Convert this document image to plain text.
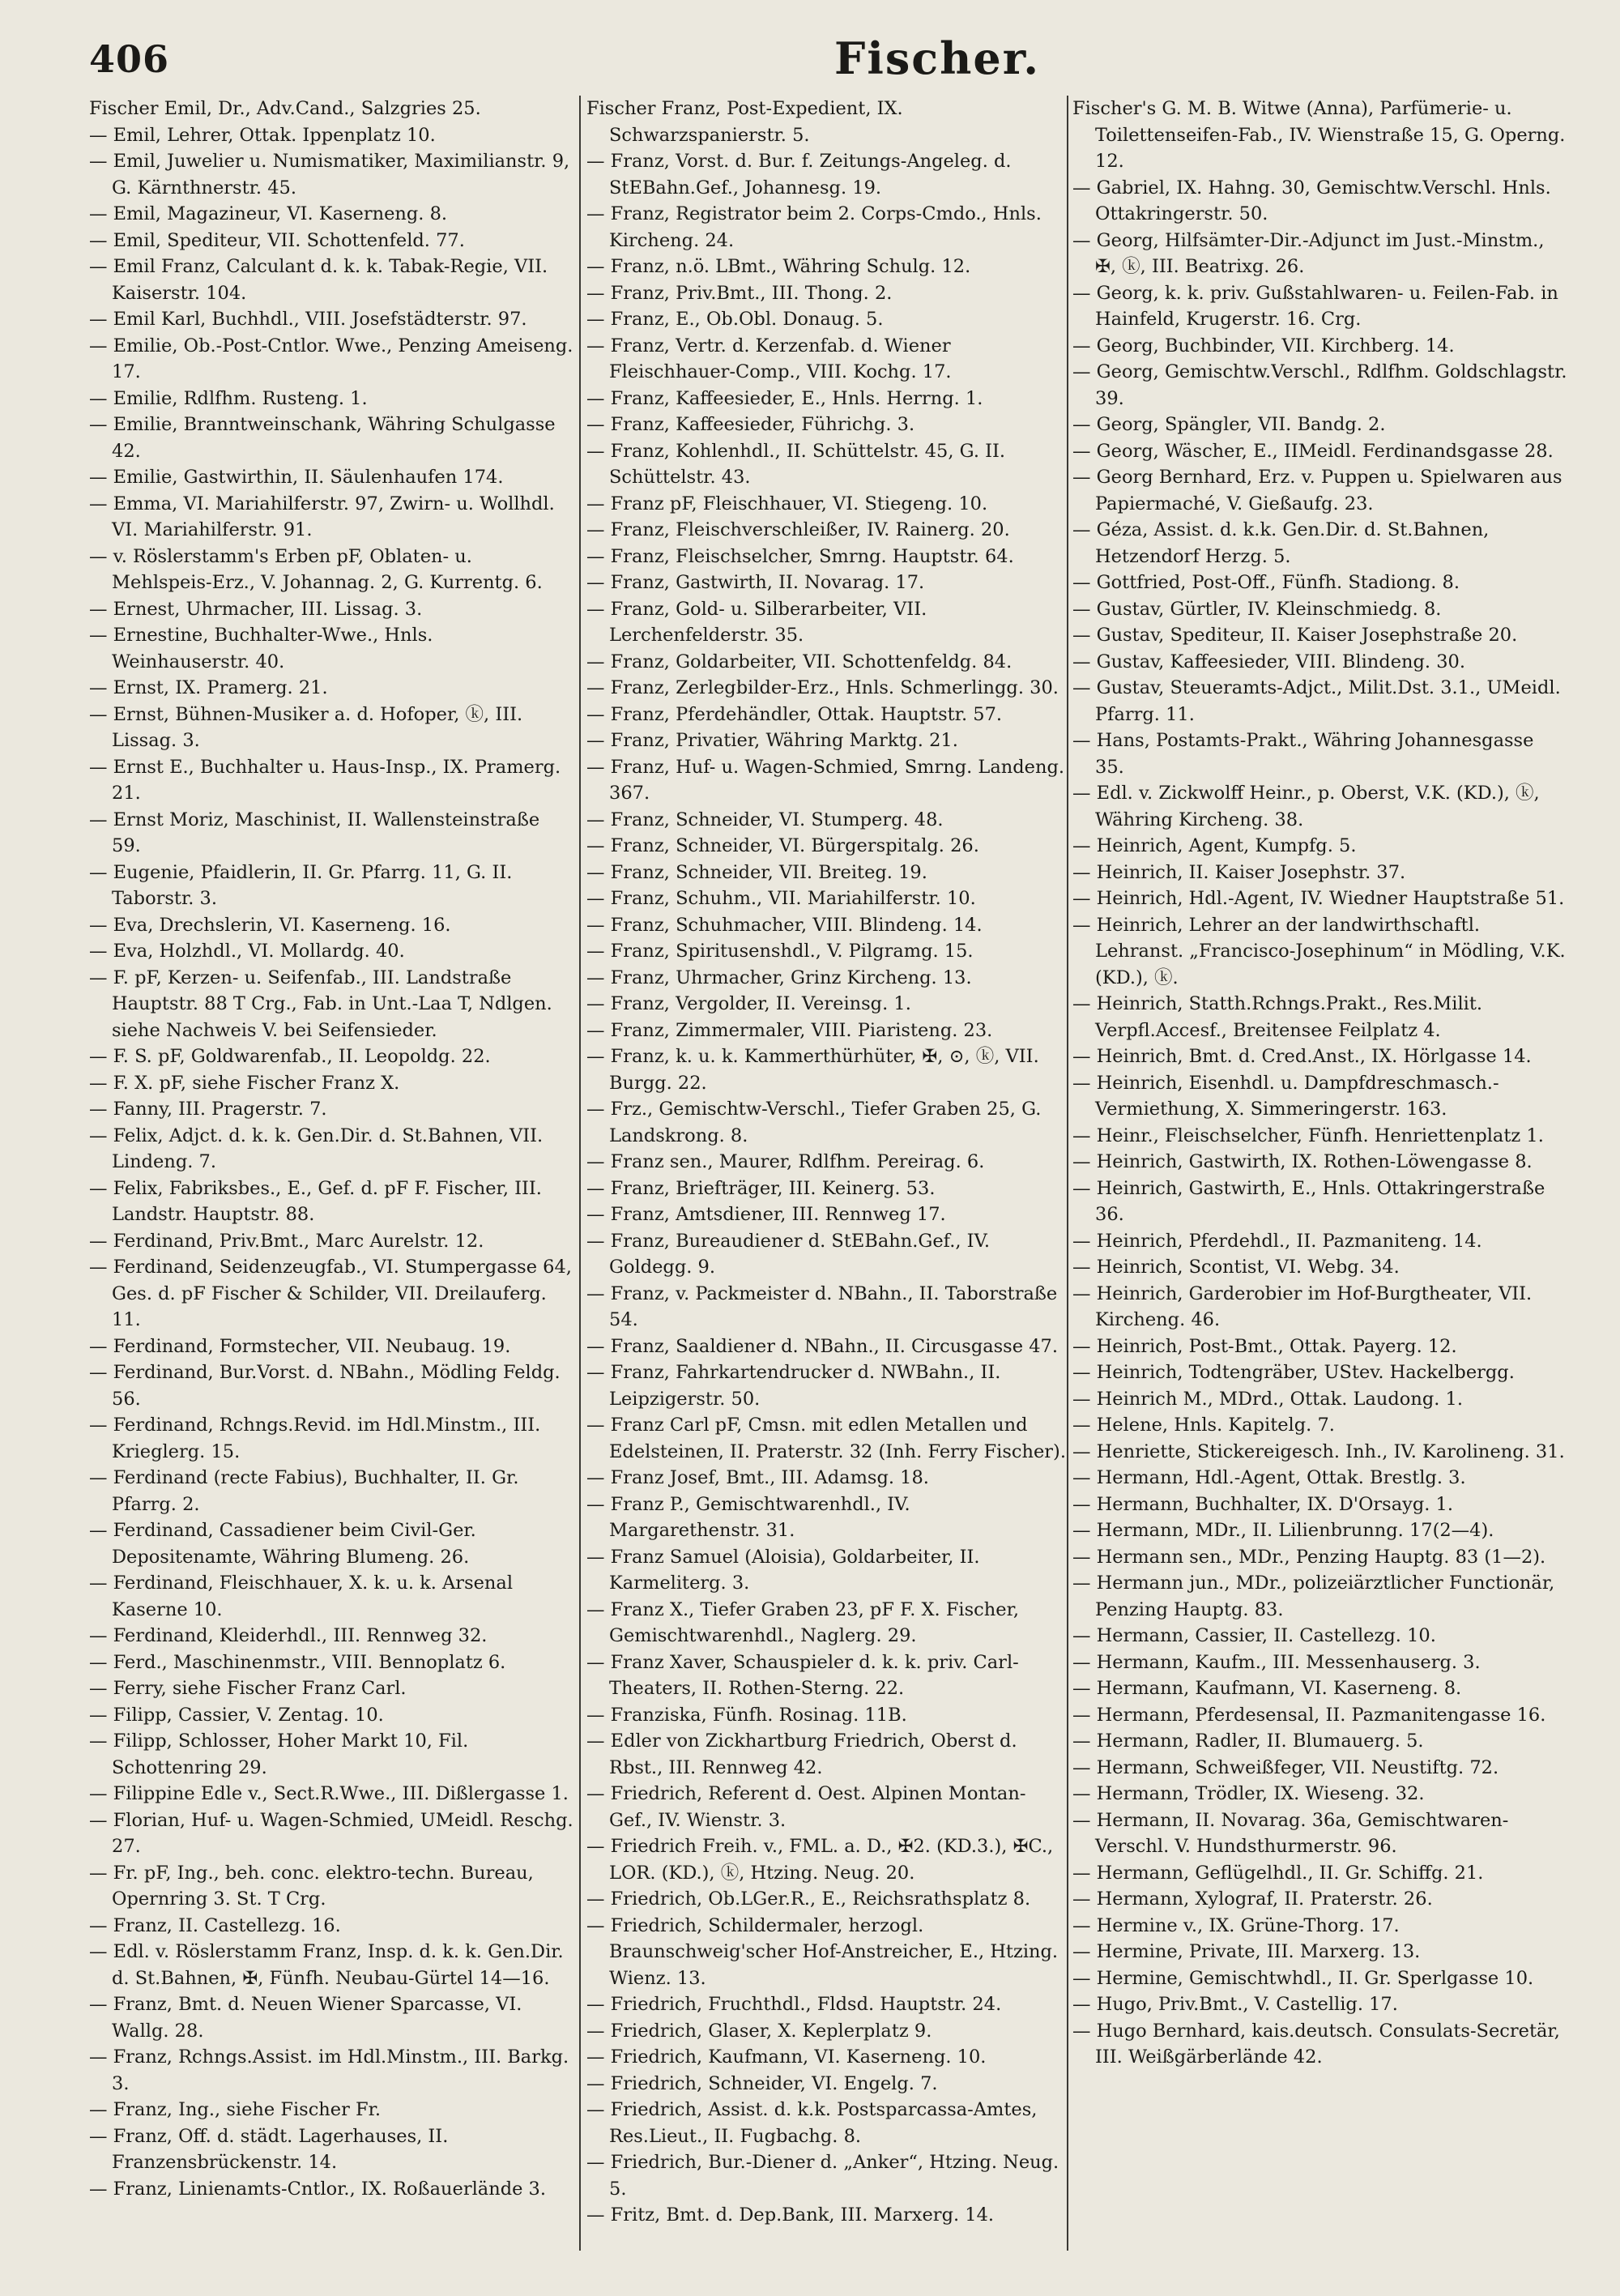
406	Fischer.

Fischer Emil, Dr., Adv.Cand., Salzgries 25.

— Emil, Lehrer, Ottak. Ippenplatz 10.

— Emil, Juwelier u. Numismatiker, Maximilianstr. 9, G. Kärnthnerstr. 45.

— Emil, Magazineur, VI. Kaserneng. 8.

— Emil, Spediteur, VII. Schottenfeld. 77.

— Emil Franz, Calculant d. k. k. Tabak-Regie, VII. Kaiserstr. 104.

— Emil Karl, Buchhdl., VIII. Josefstädterstr. 97.

— Emilie, Ob.-Post-Cntlor. Wwe., Penzing Ameiseng. 17.

— Emilie, Rdlfhm. Rusteng. 1.

— Emilie, Branntweinschank, Währing Schulgasse 42.

— Emilie, Gastwirthin, II. Säulenhaufen 174.

— Emma, VI. Mariahilferstr. 97, Zwirn- u. Wollhdl. VI. Mariahilferstr. 91.

— v. Röslerstamm's Erben pF, Oblaten- u. Mehlspeis-Erz., V. Johannag. 2, G. Kurrentg. 6.

— Ernest, Uhrmacher, III. Lissag. 3.

— Ernestine, Buchhalter-Wwe., Hnls. Weinhauserstr. 40.

— Ernst, IX. Pramerg. 21.

— Ernst, Bühnen-Musiker a. d. Hofoper, ⓚ, III. Lissag. 3.

— Ernst E., Buchhalter u. Haus-Insp., IX. Pramerg. 21.

— Ernst Moriz, Maschinist, II. Wallensteinstraße 59.

— Eugenie, Pfaidlerin, II. Gr. Pfarrg. 11, G. II. Taborstr. 3.

— Eva, Drechslerin, VI. Kaserneng. 16.

— Eva, Holzhdl., VI. Mollardg. 40.

— F. pF, Kerzen- u. Seifenfab., III. Landstraße Hauptstr. 88 T Crg., Fab. in Unt.-Laa T, Ndlgen. siehe Nachweis V. bei Seifensieder.

— F. S. pF, Goldwarenfab., II. Leopoldg. 22.

— F. X. pF, siehe Fischer Franz X.

— Fanny, III. Pragerstr. 7.

— Felix, Adjct. d. k. k. Gen.Dir. d. St.Bahnen, VII. Lindeng. 7.

— Felix, Fabriksbes., E., Gef. d. pF F. Fischer, III. Landstr. Hauptstr. 88.

— Ferdinand, Priv.Bmt., Marc Aurelstr. 12.

— Ferdinand, Seidenzeugfab., VI. Stumpergasse 64, Ges. d. pF Fischer & Schilder, VII. Dreilauferg. 11.

— Ferdinand, Formstecher, VII. Neubaug. 19.

— Ferdinand, Bur.Vorst. d. NBahn., Mödling Feldg. 56.

— Ferdinand, Rchngs.Revid. im Hdl.Minstm., III. Krieglerg. 15.

— Ferdinand (recte Fabius), Buchhalter, II. Gr. Pfarrg. 2.

— Ferdinand, Cassadiener beim Civil-Ger. Depositenamte, Währing Blumeng. 26.

— Ferdinand, Fleischhauer, X. k. u. k. Arsenal Kaserne 10.

— Ferdinand, Kleiderhdl., III. Rennweg 32.

— Ferd., Maschinenmstr., VIII. Bennoplatz 6.

— Ferry, siehe Fischer Franz Carl.

— Filipp, Cassier, V. Zentag. 10.

— Filipp, Schlosser, Hoher Markt 10, Fil. Schottenring 29.

— Filippine Edle v., Sect.R.Wwe., III. Dißlergasse 1.

— Florian, Huf- u. Wagen-Schmied, UMeidl. Reschg. 27.

— Fr. pF, Ing., beh. conc. elektro-techn. Bureau, Opernring 3. St. T Crg.

— Franz, II. Castellezg. 16.

— Edl. v. Röslerstamm Franz, Insp. d. k. k. Gen.Dir. d. St.Bahnen, ✠, Fünfh. Neubau-Gürtel 14—16.

— Franz, Bmt. d. Neuen Wiener Sparcasse, VI. Wallg. 28.

— Franz, Rchngs.Assist. im Hdl.Minstm., III. Barkg. 3.

— Franz, Ing., siehe Fischer Fr.

— Franz, Off. d. städt. Lagerhauses, II. Franzensbrückenstr. 14.

— Franz, Linienamts-Cntlor., IX. Roßauerlände 3.

Fischer Franz, Post-Expedient, IX. Schwarzspanierstr. 5.

— Franz, Vorst. d. Bur. f. Zeitungs-Angeleg. d. StEBahn.Gef., Johannesg. 19.

— Franz, Registrator beim 2. Corps-Cmdo., Hnls. Kircheng. 24.

— Franz, n.ö. LBmt., Währing Schulg. 12.

— Franz, Priv.Bmt., III. Thong. 2.

— Franz, E., Ob.Obl. Donaug. 5.

— Franz, Vertr. d. Kerzenfab. d. Wiener Fleischhauer-Comp., VIII. Kochg. 17.

— Franz, Kaffeesieder, E., Hnls. Herrng. 1.

— Franz, Kaffeesieder, Führichg. 3.

— Franz, Kohlenhdl., II. Schüttelstr. 45, G. II. Schüttelstr. 43.

— Franz pF, Fleischhauer, VI. Stiegeng. 10.

— Franz, Fleischverschleißer, IV. Rainerg. 20.

— Franz, Fleischselcher, Smrng. Hauptstr. 64.

— Franz, Gastwirth, II. Novarag. 17.

— Franz, Gold- u. Silberarbeiter, VII. Lerchenfelderstr. 35.

— Franz, Goldarbeiter, VII. Schottenfeldg. 84.

— Franz, Zerlegbilder-Erz., Hnls. Schmerlingg. 30.

— Franz, Pferdehändler, Ottak. Hauptstr. 57.

— Franz, Privatier, Währing Marktg. 21.

— Franz, Huf- u. Wagen-Schmied, Smrng. Landeng. 367.

— Franz, Schneider, VI. Stumperg. 48.

— Franz, Schneider, VI. Bürgerspitalg. 26.

— Franz, Schneider, VII. Breiteg. 19.

— Franz, Schuhm., VII. Mariahilferstr. 10.

— Franz, Schuhmacher, VIII. Blindeng. 14.

— Franz, Spiritusenshdl., V. Pilgramg. 15.

— Franz, Uhrmacher, Grinz Kircheng. 13.

— Franz, Vergolder, II. Vereinsg. 1.

— Franz, Zimmermaler, VIII. Piaristeng. 23.

— Franz, k. u. k. Kammerthürhüter, ✠, ⊙, ⓚ, VII. Burgg. 22.

— Frz., Gemischtw-Verschl., Tiefer Graben 25, G. Landskrong. 8.

— Franz sen., Maurer, Rdlfhm. Pereirag. 6.

— Franz, Briefträger, III. Keinerg. 53.

— Franz, Amtsdiener, III. Rennweg 17.

— Franz, Bureaudiener d. StEBahn.Gef., IV. Goldegg. 9.

— Franz, v. Packmeister d. NBahn., II. Taborstraße 54.

— Franz, Saaldiener d. NBahn., II. Circusgasse 47.

— Franz, Fahrkartendrucker d. NWBahn., II. Leipzigerstr. 50.

— Franz Carl pF, Cmsn. mit edlen Metallen und Edelsteinen, II. Praterstr. 32 (Inh. Ferry Fischer).

— Franz Josef, Bmt., III. Adamsg. 18.

— Franz P., Gemischtwarenhdl., IV. Margarethenstr. 31.

— Franz Samuel (Aloisia), Goldarbeiter, II. Karmeliterg. 3.

— Franz X., Tiefer Graben 23, pF F. X. Fischer, Gemischtwarenhdl., Naglerg. 29.

— Franz Xaver, Schauspieler d. k. k. priv. Carl-Theaters, II. Rothen-Sterng. 22.

— Franziska, Fünfh. Rosinag. 11B.

— Edler von Zickhartburg Friedrich, Oberst d. Rbst., III. Rennweg 42.

— Friedrich, Referent d. Oest. Alpinen Montan-Gef., IV. Wienstr. 3.

— Friedrich Freih. v., FML. a. D., ✠2. (KD.3.), ✠C., LOR. (KD.), ⓚ, Htzing. Neug. 20.

— Friedrich, Ob.LGer.R., E., Reichsrathsplatz 8.

— Friedrich, Schildermaler, herzogl. Braunschweig'scher Hof-Anstreicher, E., Htzing. Wienz. 13.

— Friedrich, Fruchthdl., Fldsd. Hauptstr. 24.

— Friedrich, Glaser, X. Keplerplatz 9.

— Friedrich, Kaufmann, VI. Kaserneng. 10.

— Friedrich, Schneider, VI. Engelg. 7.

— Friedrich, Assist. d. k.k. Postsparcassa-Amtes, Res.Lieut., II. Fugbachg. 8.

— Friedrich, Bur.-Diener d. „Anker“, Htzing. Neug. 5.

— Fritz, Bmt. d. Dep.Bank, III. Marxerg. 14.

Fischer's G. M. B. Witwe (Anna), Parfümerie- u. Toilettenseifen-Fab., IV. Wienstraße 15, G. Operng. 12.

— Gabriel, IX. Hahng. 30, Gemischtw.Verschl. Hnls. Ottakringerstr. 50.

— Georg, Hilfsämter-Dir.-Adjunct im Just.-Minstm., ✠, ⓚ, III. Beatrixg. 26.

— Georg, k. k. priv. Gußstahlwaren- u. Feilen-Fab. in Hainfeld, Krugerstr. 16. Crg.

— Georg, Buchbinder, VII. Kirchberg. 14.

— Georg, Gemischtw.Verschl., Rdlfhm. Goldschlagstr. 39.

— Georg, Spängler, VII. Bandg. 2.

— Georg, Wäscher, E., IIMeidl. Ferdinandsgasse 28.

— Georg Bernhard, Erz. v. Puppen u. Spielwaren aus Papiermaché, V. Gießaufg. 23.

— Géza, Assist. d. k.k. Gen.Dir. d. St.Bahnen, Hetzendorf Herzg. 5.

— Gottfried, Post-Off., Fünfh. Stadiong. 8.

— Gustav, Gürtler, IV. Kleinschmiedg. 8.

— Gustav, Spediteur, II. Kaiser Josephstraße 20.

— Gustav, Kaffeesieder, VIII. Blindeng. 30.

— Gustav, Steueramts-Adjct., Milit.Dst. 3.1., UMeidl. Pfarrg. 11.

— Hans, Postamts-Prakt., Währing Johannesgasse 35.

— Edl. v. Zickwolff Heinr., p. Oberst, V.K. (KD.), ⓚ, Währing Kircheng. 38.

— Heinrich, Agent, Kumpfg. 5.

— Heinrich, II. Kaiser Josephstr. 37.

— Heinrich, Hdl.-Agent, IV. Wiedner Hauptstraße 51.

— Heinrich, Lehrer an der landwirthschaftl. Lehranst. „Francisco-Josephinum“ in Mödling, V.K. (KD.), ⓚ.

— Heinrich, Statth.Rchngs.Prakt., Res.Milit. Verpfl.Accesf., Breitensee Feilplatz 4.

— Heinrich, Bmt. d. Cred.Anst., IX. Hörlgasse 14.

— Heinrich, Eisenhdl. u. Dampfdreschmasch.-Vermiethung, X. Simmeringerstr. 163.

— Heinr., Fleischselcher, Fünfh. Henriettenplatz 1.

— Heinrich, Gastwirth, IX. Rothen-Löwengasse 8.

— Heinrich, Gastwirth, E., Hnls. Ottakringerstraße 36.

— Heinrich, Pferdehdl., II. Pazmaniteng. 14.

— Heinrich, Scontist, VI. Webg. 34.

— Heinrich, Garderobier im Hof-Burgtheater, VII. Kircheng. 46.

— Heinrich, Post-Bmt., Ottak. Payerg. 12.

— Heinrich, Todtengräber, UStev. Hackelbergg.

— Heinrich M., MDrd., Ottak. Laudong. 1.

— Helene, Hnls. Kapitelg. 7.

— Henriette, Stickereigesch. Inh., IV. Karolineng. 31.

— Hermann, Hdl.-Agent, Ottak. Brestlg. 3.

— Hermann, Buchhalter, IX. D'Orsayg. 1.

— Hermann, MDr., II. Lilienbrunng. 17(2—4).

— Hermann sen., MDr., Penzing Hauptg. 83 (1—2).

— Hermann jun., MDr., polizeiärztlicher Functionär, Penzing Hauptg. 83.

— Hermann, Cassier, II. Castellezg. 10.

— Hermann, Kaufm., III. Messenhauserg. 3.

— Hermann, Kaufmann, VI. Kaserneng. 8.

— Hermann, Pferdesensal, II. Pazmanitengasse 16.

— Hermann, Radler, II. Blumauerg. 5.

— Hermann, Schweißfeger, VII. Neustiftg. 72.

— Hermann, Trödler, IX. Wieseng. 32.

— Hermann, II. Novarag. 36a, Gemischtwaren-Verschl. V. Hundsthurmerstr. 96.

— Hermann, Geflügelhdl., II. Gr. Schiffg. 21.

— Hermann, Xylograf, II. Praterstr. 26.

— Hermine v., IX. Grüne-Thorg. 17.

— Hermine, Private, III. Marxerg. 13.

— Hermine, Gemischtwhdl., II. Gr. Sperlgasse 10.

— Hugo, Priv.Bmt., V. Castellig. 17.

— Hugo Bernhard, kais.deutsch. Consulats-Secretär, III. Weißgärberlände 42.
